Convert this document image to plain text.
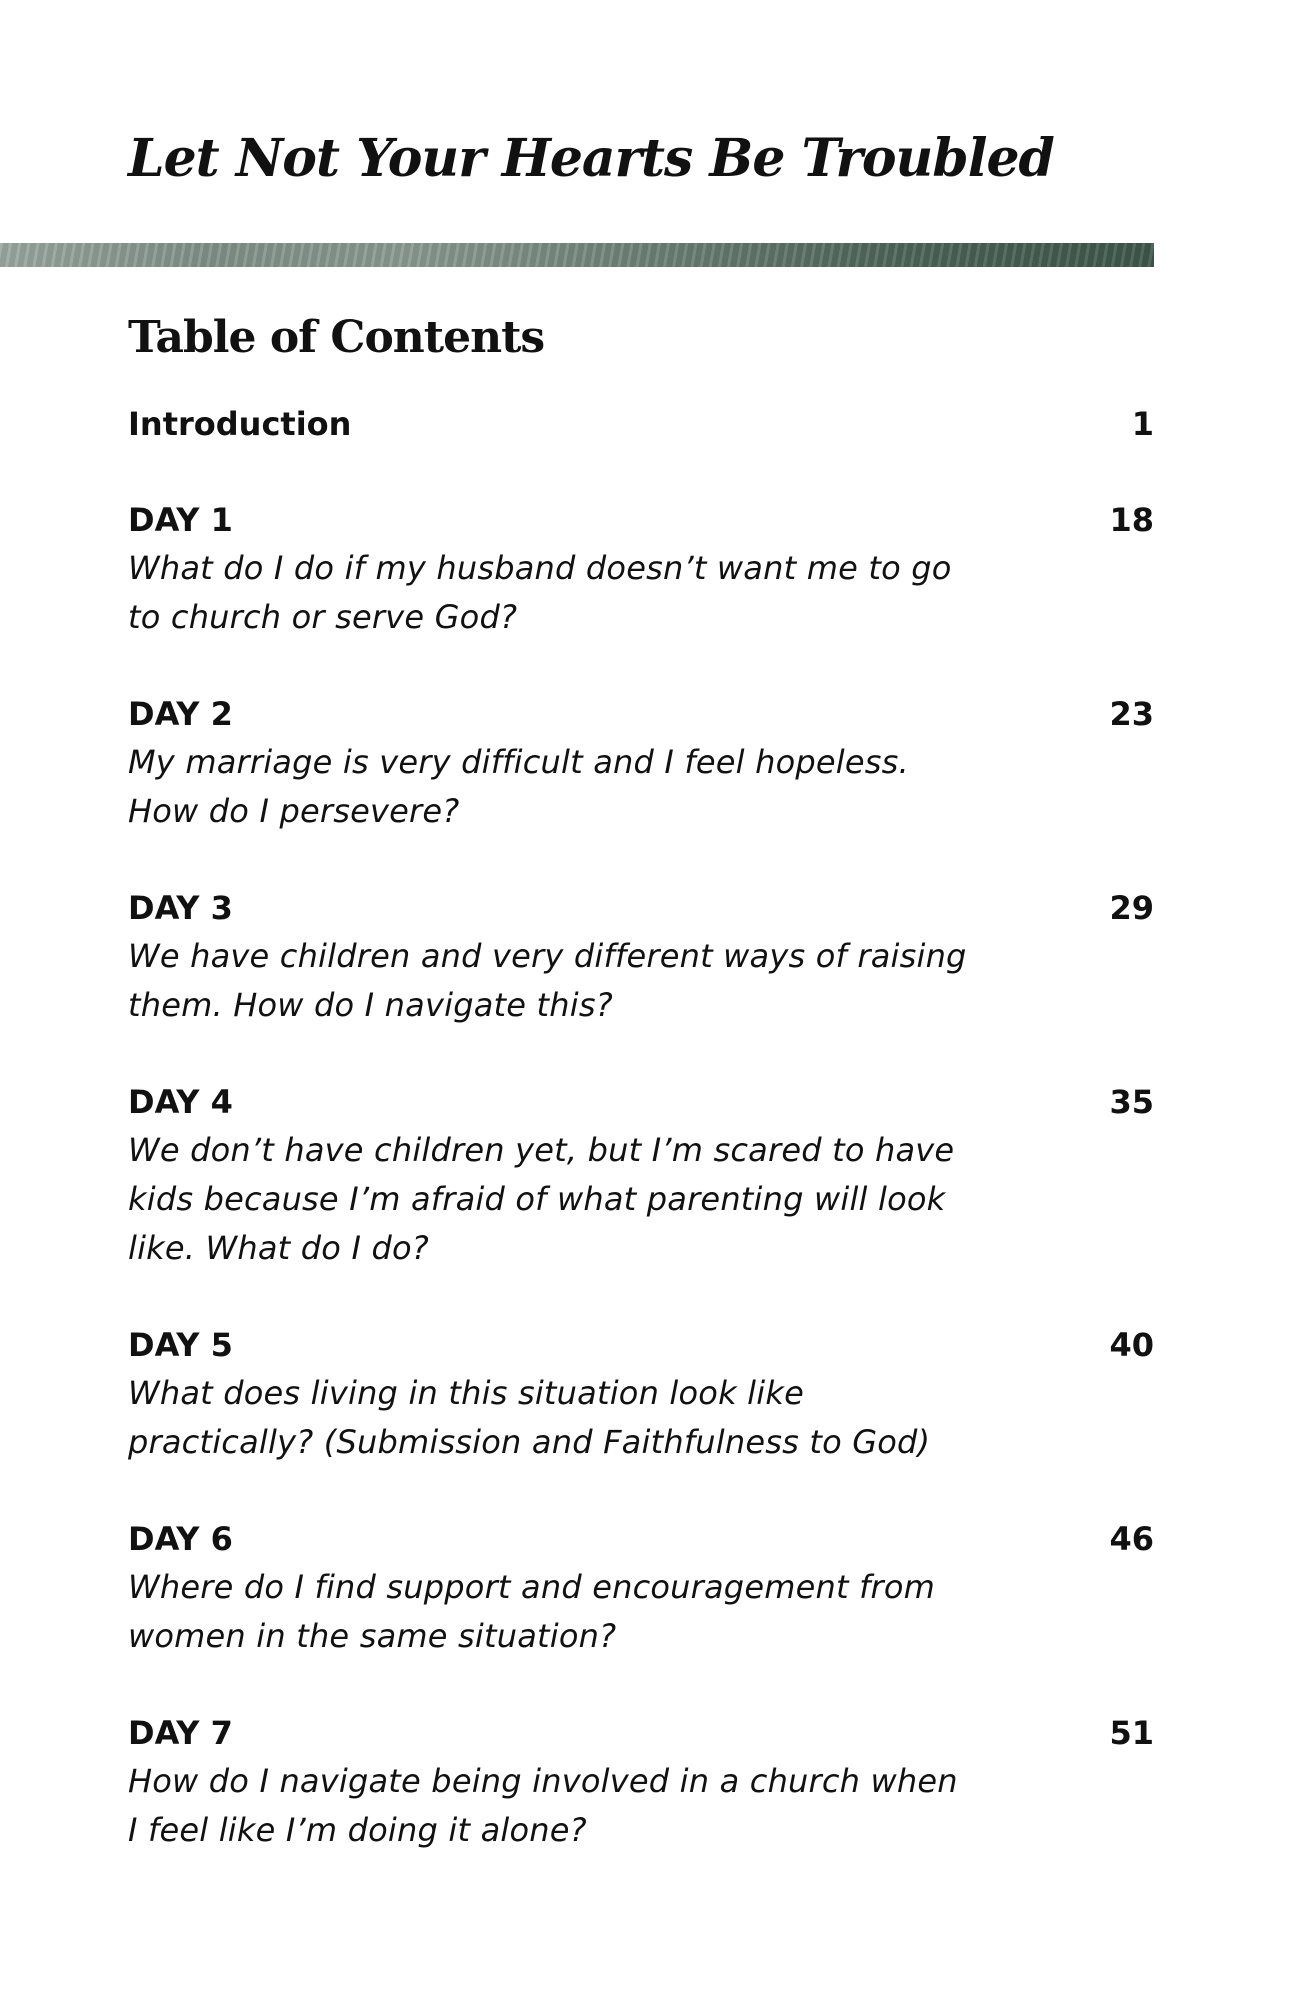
Let Not Your Hearts Be Troubled
Table of Contents
Introduction	1
DAY 1	18
What do I do if my husband doesn’t want me to go
to church or serve God?
DAY 2	23
My marriage is very difficult and I feel hopeless.
How do I persevere?
DAY 3	29
We have children and very different ways of raising
them. How do I navigate this?
DAY 4	35
We don’t have children yet, but I’m scared to have
kids because I’m afraid of what parenting will look
like. What do I do?
DAY 5	40
What does living in this situation look like
practically? (Submission and Faithfulness to God)
DAY 6	46
Where do I find support and encouragement from
women in the same situation?
DAY 7	51
How do I navigate being involved in a church when
I feel like I’m doing it alone?
